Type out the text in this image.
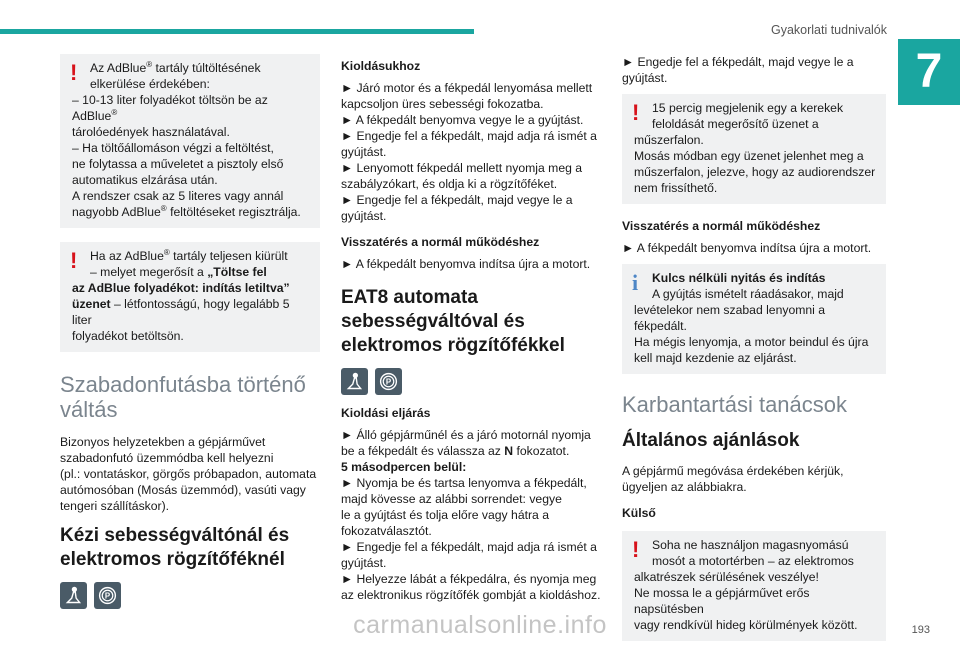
Gyakorlati tudnivalók
7
!	Az AdBlue® tartály túltöltésének
elkerülése érdekében:
– 10-13 liter folyadékot töltsön be az AdBlue®
tárolóedények használatával.
– Ha töltőállomáson végzi a feltöltést,
ne folytassa a műveletet a pisztoly első
automatikus elzárása után.
A rendszer csak az 5 literes vagy annál
nagyobb AdBlue® feltöltéseket regisztrálja.
!	Ha az AdBlue® tartály teljesen kiürült
– melyet megerősít a „Töltse fel
az AdBlue folyadékot: indítás letiltva”
üzenet – létfontosságú, hogy legalább 5 liter
folyadékot betöltsön.
Szabadonfutásba történő váltás
Bizonyos helyzetekben a gépjárművet
szabadonfutó üzemmódba kell helyezni
(pl.: vontatáskor, görgős próbapadon, automata
autómosóban (Mosás üzemmód), vasúti vagy
tengeri szállításkor).
Kézi sebességváltónál és elektromos rögzítőféknél
P
Kioldásukhoz
► Járó motor és a fékpedál lenyomása mellett
kapcsoljon üres sebességi fokozatba.
► A fékpedált benyomva vegye le a gyújtást.
► Engedje fel a fékpedált, majd adja rá ismét a
gyújtást.
► Lenyomott fékpedál mellett nyomja meg a
szabályzókart, és oldja ki a rögzítőféket.
► Engedje fel a fékpedált, majd vegye le a
gyújtást.
Visszatérés a normál működéshez
► A fékpedált benyomva indítsa újra a motort.
EAT8 automata sebességváltóval és elektromos rögzítőfékkel
P
Kioldási eljárás
► Álló gépjárműnél és a járó motornál nyomja
be a fékpedált és válassza az N fokozatot.
5 másodpercen belül:
► Nyomja be és tartsa lenyomva a fékpedált,
majd kövesse az alábbi sorrendet: vegye
le a gyújtást és tolja előre vagy hátra a
fokozatválasztót.
► Engedje fel a fékpedált, majd adja rá ismét a
gyújtást.
► Helyezze lábát a fékpedálra, és nyomja meg
az elektronikus rögzítőfék gombját a kioldáshoz.
► Engedje fel a fékpedált, majd vegye le a
gyújtást.
!	15 percig megjelenik egy a kerekek
feloldását megerősítő üzenet a
műszerfalon.
Mosás módban egy üzenet jelenhet meg a
műszerfalon, jelezve, hogy az audiorendszer
nem frissíthető.
Visszatérés a normál működéshez
► A fékpedált benyomva indítsa újra a motort.
i	Kulcs nélküli nyitás és indítás
A gyújtás ismételt ráadásakor, majd
levételekor nem szabad lenyomni a fékpedált.
Ha mégis lenyomja, a motor beindul és újra
kell majd kezdenie az eljárást.
Karbantartási tanácsok
Általános ajánlások
A gépjármű megóvása érdekében kérjük,
ügyeljen az alábbiakra.
Külső
!	Soha ne használjon magasnyomású
mosót a motortérben – az elektromos
alkatrészek sérülésének veszélye!
Ne mossa le a gépjárművet erős napsütésben
vagy rendkívül hideg körülmények között.	193
carmanualsonline.info
